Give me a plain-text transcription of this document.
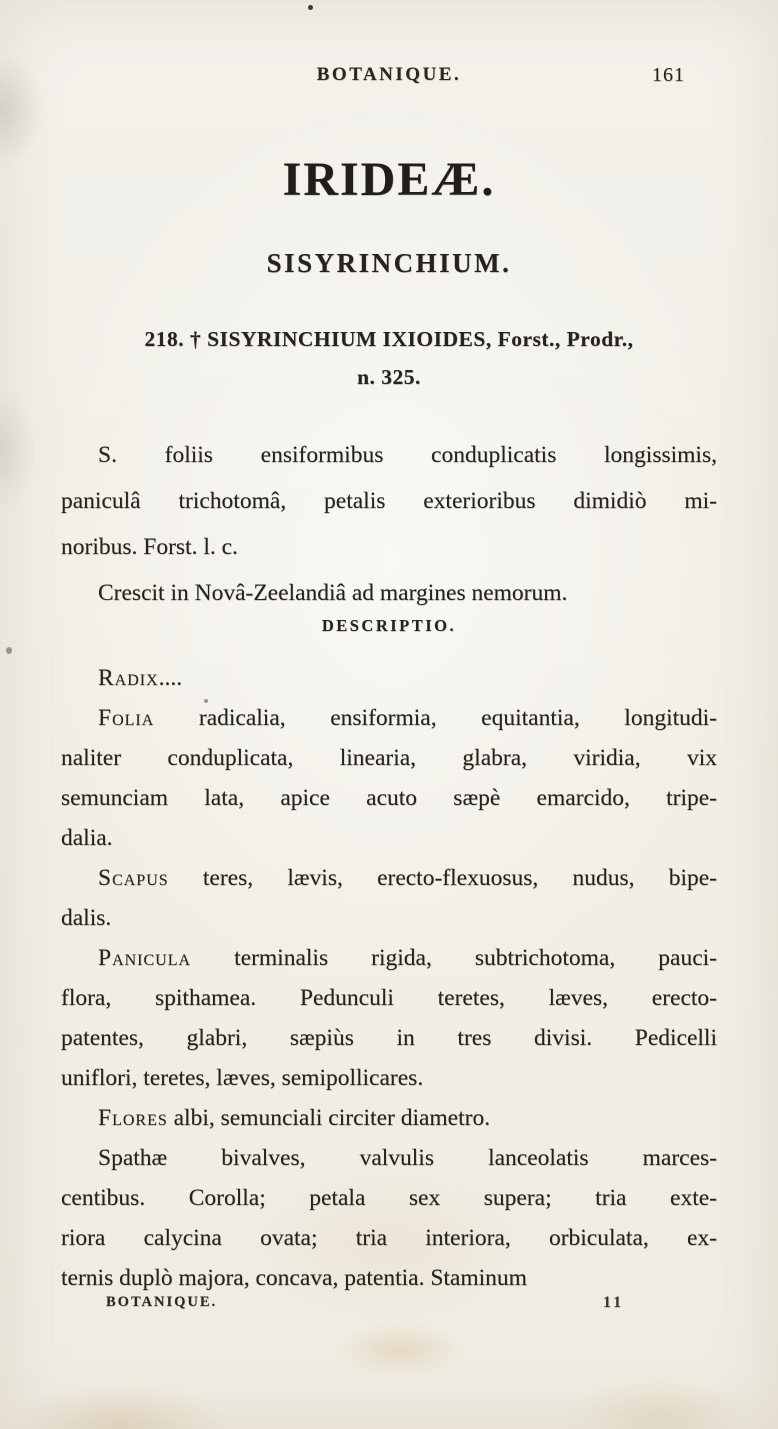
BOTANIQUE.	161
IRIDEÆ.
SISYRINCHIUM.
218. † SISYRINCHIUM IXIOIDES, Forst., Prodr.,
n. 325.
S. foliis ensiformibus conduplicatis longissimis,
paniculâ trichotomâ, petalis exterioribus dimidiò mi-
noribus. Forst. l. c.
Crescit in Novâ-Zeelandiâ ad margines nemorum.
DESCRIPTIO.
Radix....
Folia radicalia, ensiformia, equitantia, longitudi-
naliter conduplicata, linearia, glabra, viridia, vix
semunciam lata, apice acuto sæpè emarcido, tripe-
dalia.
Scapus teres, lævis, erecto-flexuosus, nudus, bipe-
dalis.
Panicula terminalis rigida, subtrichotoma, pauci-
flora, spithamea. Pedunculi teretes, læves, erecto-
patentes, glabri, sæpiùs in tres divisi. Pedicelli
uniflori, teretes, læves, semipollicares.
Flores albi, semunciali circiter diametro.
Spathæ bivalves, valvulis lanceolatis marces-
centibus. Corolla; petala sex supera; tria exte-
riora calycina ovata; tria interiora, orbiculata, ex-
ternis duplò majora, concava, patentia. Staminum
BOTANIQUE.	11
